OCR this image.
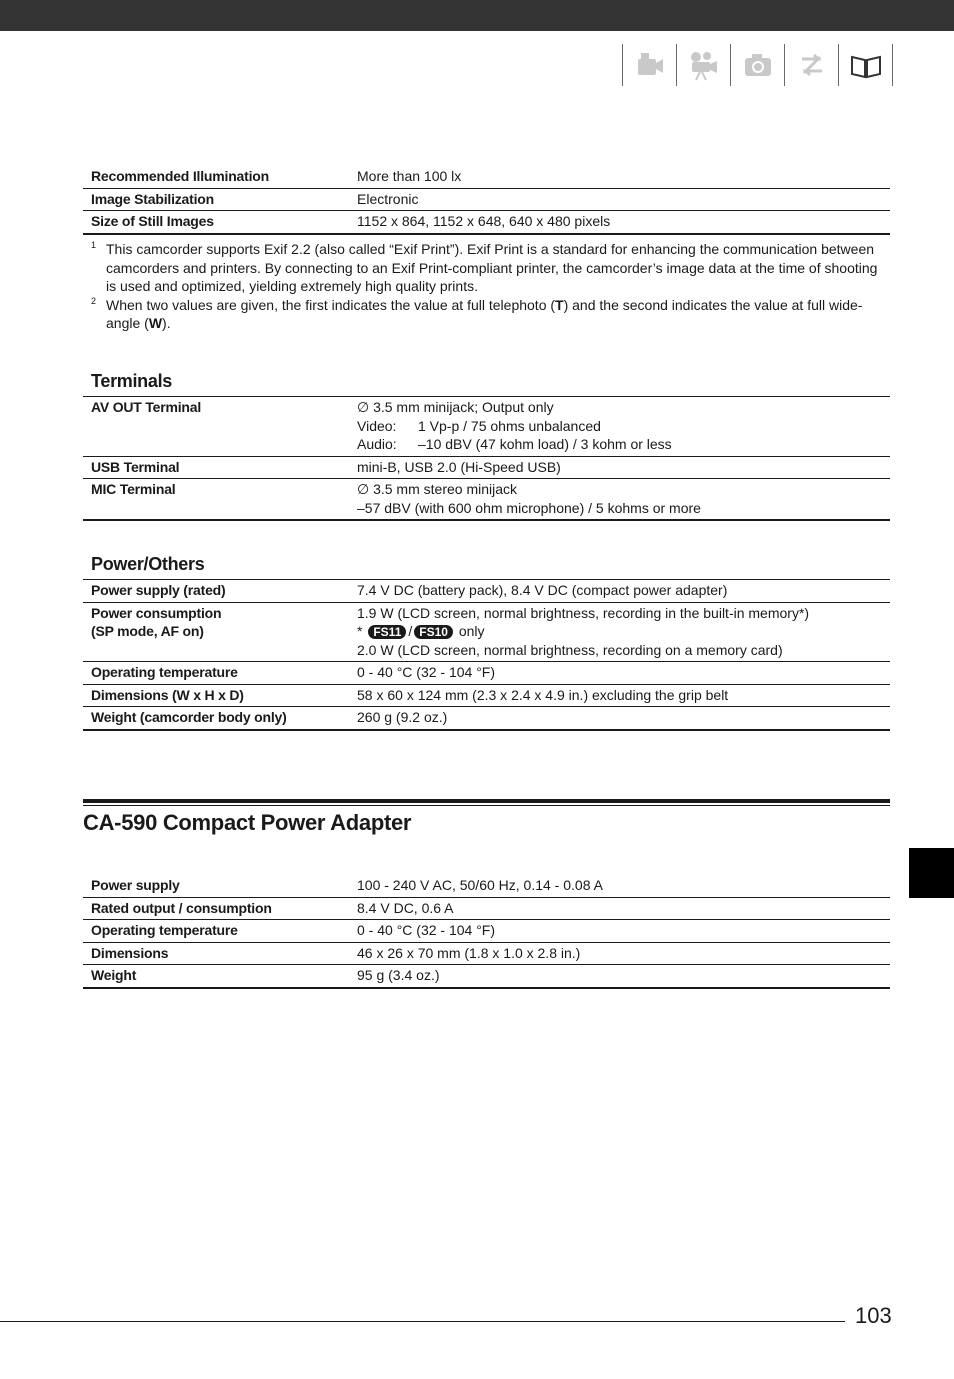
Recommended Illumination	More than 100 lx
Image Stabilization	Electronic
Size of Still Images	1152 x 864, 1152 x 648, 640 x 480 pixels
1 This camcorder supports Exif 2.2 (also called “Exif Print”). Exif Print is a standard for enhancing the communication between camcorders and printers. By connecting to an Exif Print-compliant printer, the camcorder’s image data at the time of shooting is used and optimized, yielding extremely high quality prints.
2 When two values are given, the first indicates the value at full telephoto (T) and the second indicates the value at full wide-angle (W).
Terminals
AV OUT Terminal	∅ 3.5 mm minijack; Output only
Video: 1 Vp-p / 75 ohms unbalanced
Audio: –10 dBV (47 kohm load) / 3 kohm or less

USB Terminal	mini-B, USB 2.0 (Hi-Speed USB)
MIC Terminal	∅ 3.5 mm stereo minijack
–57 dBV (with 600 ohm microphone) / 5 kohms or more
Power/Others
Power supply (rated)	7.4 V DC (battery pack), 8.4 V DC (compact power adapter)

Power consumption
(SP mode, AF on)	1.9 W (LCD screen, normal brightness, recording in the built-in memory*)
* FS11 / FS10 only
2.0 W (LCD screen, normal brightness, recording on a memory card)

Operating temperature	0 - 40 °C (32 - 104 °F)
Dimensions (W x H x D)	58 x 60 x 124 mm (2.3 x 2.4 x 4.9 in.) excluding the grip belt
Weight (camcorder body only)	260 g (9.2 oz.)
CA-590 Compact Power Adapter
Power supply	100 - 240 V AC, 50/60 Hz, 0.14 - 0.08 A
Rated output / consumption	8.4 V DC, 0.6 A
Operating temperature	0 - 40 °C (32 - 104 °F)
Dimensions	46 x 26 x 70 mm (1.8 x 1.0 x 2.8 in.)
Weight	95 g (3.4 oz.)
103
